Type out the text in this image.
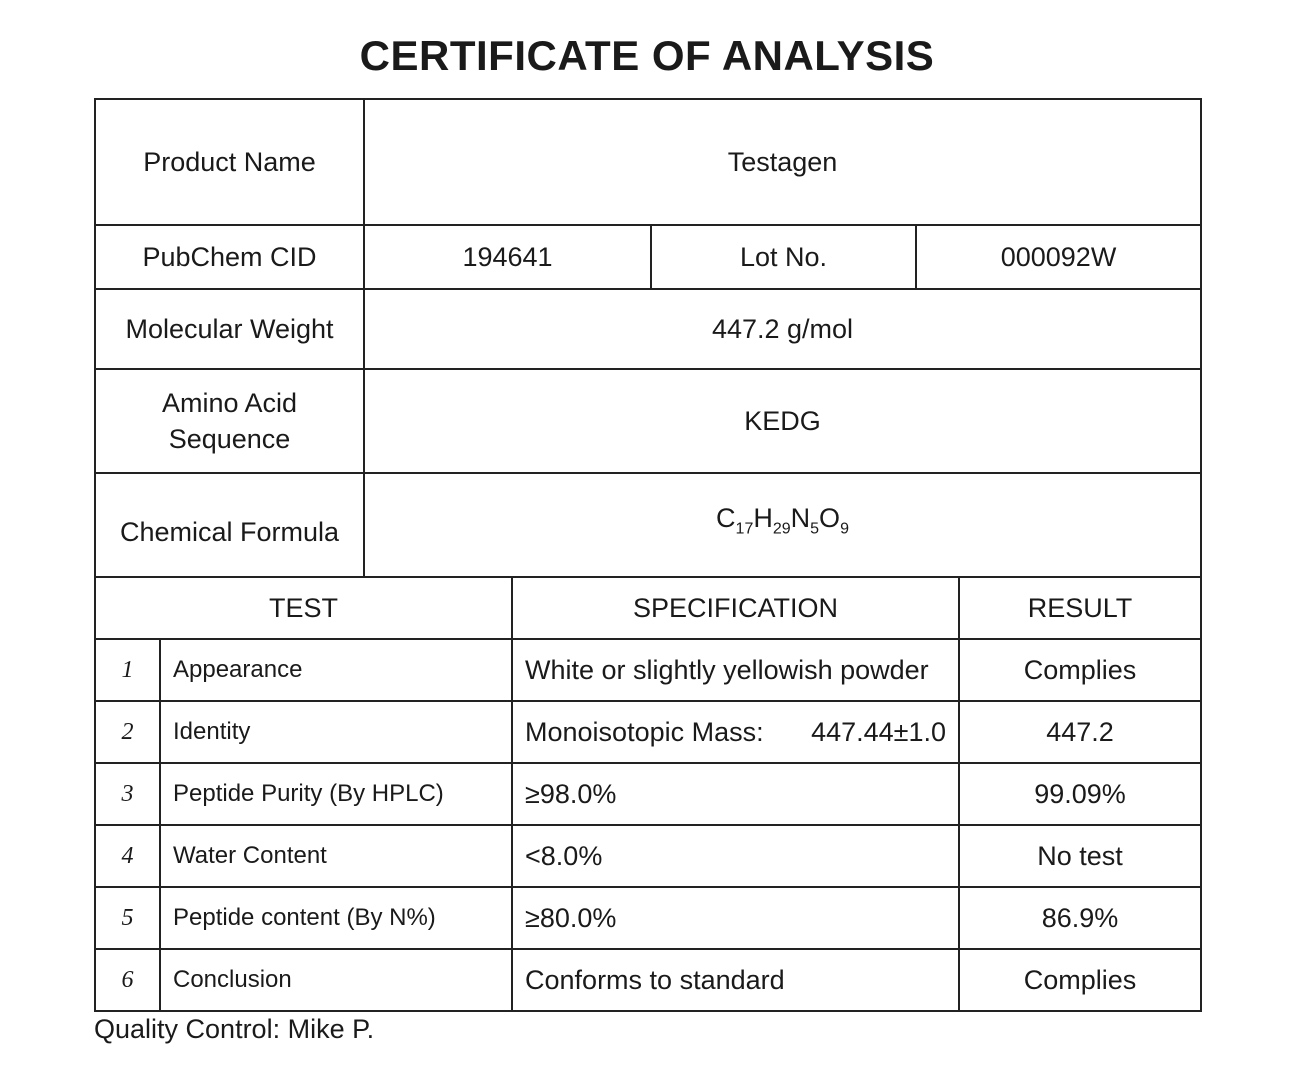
CERTIFICATE OF ANALYSIS
Product Name	Testagen		
PubChem CID	194641	Lot No.	000092W
Molecular Weight	447.2 g/mol		
Amino Acid
Sequence	KEDG		
Chemical Formula	$C_{17}H_{29}N_5O_9$
TEST		SPECIFICATION	RESULT
1	Appearance	White or slightly yellowish powder	Complies
2	Identity	Monoisotopic Mass: 447.44±1.0	447.2
3	Peptide Purity (By HPLC)	≥98.0%	99.09%
4	Water Content	<8.0%	No test
5	Peptide content (By N%)	≥80.0%	86.9%
6	Conclusion	Conforms to standard	Complies
Quality Control: Mike P.
